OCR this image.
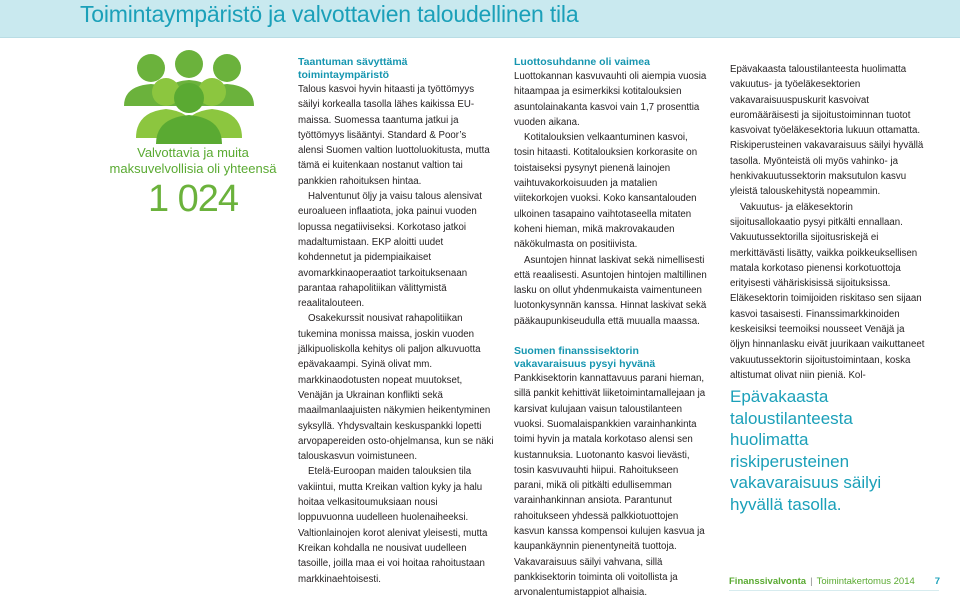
Toimintaympäristö ja valvottavien taloudellinen tila
Valvottavia ja muita
maksuvelvollisia oli yhteensä
1 024
Taantuman sävyttämä
toimintaympäristö

Talous kasvoi hyvin hitaasti ja työttömyys säilyi korkealla tasolla lähes kaikissa EU-maissa. Suomessa taantuma jatkui ja työttömyys lisääntyi. Standard & Poor’s alensi Suomen valtion luottoluokitusta, mutta tämä ei kuitenkaan nostanut valtion tai pankkien rahoituksen hintaa.

Halventunut öljy ja vaisu talous alensivat euroalueen inflaatiota, joka painui vuoden lopussa negatiiviseksi. Korkotaso jatkoi madaltumistaan. EKP aloitti uudet kohdennetut ja pidempiaikaiset avomarkkinaoperaatiot tarkoituksenaan parantaa rahapolitiikan välittymistä reaalitalouteen.

Osakekurssit nousivat rahapolitiikan tukemina monissa maissa, joskin vuoden jälkipuoliskolla kehitys oli paljon alkuvuotta epävakaampi. Syinä olivat mm. markkinaodotusten nopeat muutokset, Venäjän ja Ukrainan konflikti sekä maailmanlaajuisten näkymien heikentyminen syksyllä. Yhdysvaltain keskuspankki lopetti arvopapereiden osto-ohjelmansa, kun se näki talouskasvun voimistuneen.

Etelä-Euroopan maiden talouksien tila vakiintui, mutta Kreikan valtion kyky ja halu hoitaa velkasitoumuksiaan nousi loppuvuonna uudelleen huolenaiheeksi. Valtionlainojen korot alenivat yleisesti, mutta Kreikan kohdalla ne nousivat uudelleen tasoille, joilla maa ei voi hoitaa rahoitustaan markkinaehtoisesti.

Luottosuhdanne oli vaimea

Luottokannan kasvuvauhti oli aiempia vuosia hitaampaa ja esimerkiksi kotitalouksien asuntolainakanta kasvoi vain 1,7 prosenttia vuoden aikana.

Kotitalouksien velkaantuminen kasvoi, tosin hitaasti. Kotitalouksien korkorasite on toistaiseksi pysynyt pienenä lainojen vaihtuvakorkoisuuden ja matalien viitekorkojen vuoksi. Koko kansantalouden ulkoinen tasapaino vaihtotaseella mitaten koheni hieman, mikä makrovakauden näkökulmasta on positiivista.

Asuntojen hinnat laskivat sekä nimellisesti että reaalisesti. Asuntojen hintojen maltillinen lasku on ollut yhdenmukaista vaimentuneen luotonkysynnän kanssa. Hinnat laskivat sekä pääkaupunkiseudulla että muualla maassa.

Suomen finanssisektorin
vakavaraisuus pysyi hyvänä

Pankkisektorin kannattavuus parani hieman, sillä pankit kehittivät liiketoimintamallejaan ja karsivat kulujaan vaisun taloustilanteen vuoksi. Suomalaispankkien varainhankinta toimi hyvin ja matala korkotaso alensi sen kustannuksia. Luotonanto kasvoi lievästi, tosin kasvuvauhti hiipui. Rahoitukseen parani, mikä oli pitkälti edullisemman varainhankinnan ansiota. Parantunut rahoitukseen yhdessä palkkiotuottojen kasvun kanssa kompensoi kulujen kasvua ja kaupankäynnin pienentyneitä tuottoja. Vakavaraisuus säilyi vahvana, sillä pankkisektorin toiminta oli voitollista ja arvonalentumistappiot alhaisia.

Epävakaasta taloustilanteesta huolimatta vakuutus- ja työeläkesektorien vakavaraisuuspuskurit kasvoivat euromääräisesti ja sijoitustoiminnan tuotot kasvoivat työeläkesektoria lukuun ottamatta. Riskiperusteinen vakavaraisuus säilyi hyvällä tasolla. Myönteistä oli myös vahinko- ja henkivakuutussektorin maksutulon kasvu yleistä talouskehitystä nopeammin.

Vakuutus- ja eläkesektorin sijoitusallokaatio pysyi pitkälti ennallaan. Vakuutussektorilla sijoitusriskejä ei merkittävästi lisätty, vaikka poikkeuksellisen matala korkotaso pienensi korkotuottoja erityisesti vähäriskisissä sijoituksissa. Eläkesektorin toimijoiden riskitaso sen sijaan kasvoi tasaisesti. Finanssimarkkinoiden keskeisiksi teemoiksi nousseet Venäjä ja öljyn hinnanlasku eivät juurikaan vaikuttaneet vakuutussektorin sijoitustoimintaan, koska altistumat olivat niin pieniä. Kol-

Epävakaasta taloustilanteesta
huolimatta riskiperusteinen
vakavaraisuus säilyi
hyvällä tasolla.
Finanssivalvonta | Toimintakertomus 2014 7
